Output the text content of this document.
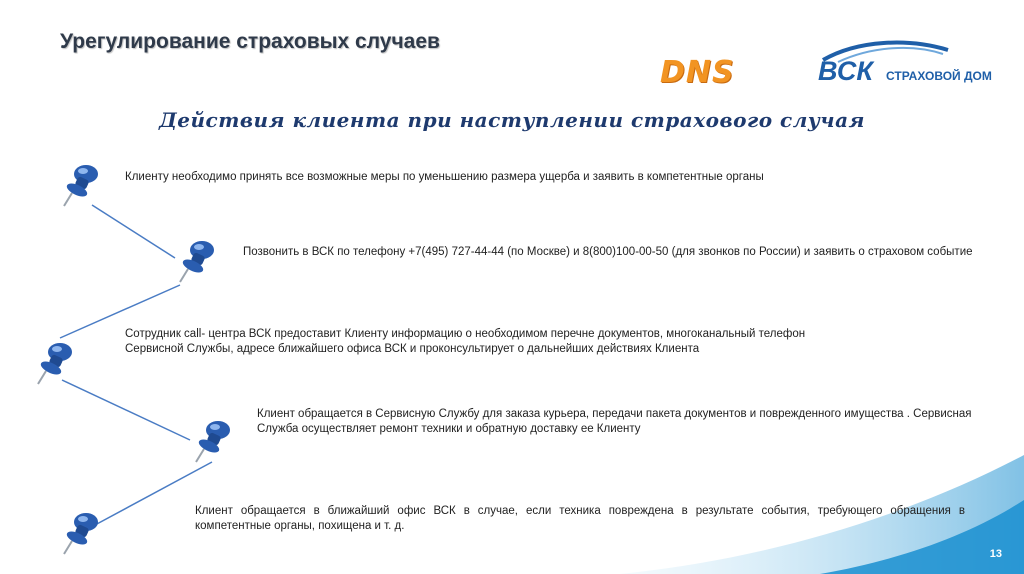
Урегулирование страховых случаев
DNS	ВСК СТРАХОВОЙ ДОМ
Действия клиента при наступлении страхового случая
Клиенту необходимо принять все возможные меры по уменьшению размера ущерба и заявить в компетентные органы
Позвонить в ВСК по телефону +7(495) 727-44-44 (по Москве) и 8(800)100-00-50 (для звонков по России) и заявить о страховом событие
Сотрудник call- центра ВСК предоставит Клиенту информацию о необходимом перечне документов, многоканальный телефон Сервисной Службы, адресе ближайшего офиса ВСК и проконсультирует о дальнейших действиях Клиента
Клиент обращается в Сервисную Службу для заказа курьера, передачи пакета документов и поврежденного имущества . Сервисная Служба осуществляет ремонт техники и обратную доставку ее Клиенту
Клиент обращается в ближайший офис ВСК в случае, если техника повреждена в результате события, требующего обращения в компетентные органы, похищена и т. д.
13
